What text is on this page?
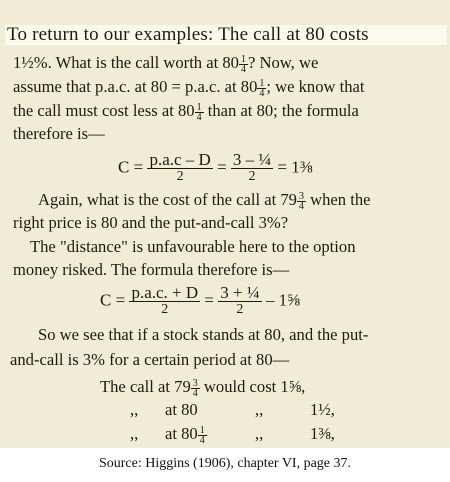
To return to our examples: The call at 80 costs
1½%. What is the call worth at $80 \frac{1}{4}$ ? Now, we
assume that p.a.c. at 80 = p.a.c. at $80 \frac{1}{4}$ ; we know that
the call must cost less at $80 \frac{1}{4}$ than at 80; the formula
therefore is—
$C = \frac{p.a.c - D}{2} = \frac{\text{3 – ¼}}{2}$ = 1⅜
Again, what is the cost of the call at $79 \frac{3}{4}$ when the
right price is 80 and the put-and-call 3%?
The "distance" is unfavourable here to the option
money risked. The formula therefore is—
$C = \frac{p.a.c. + D}{2} = \frac{\text{3 + ¼}}{2}$ – 1⅝
So we see that if a stock stands at 80, and the put-
and-call is 3% for a certain period at 80—
The call at $79 \frac{3}{4}$ would cost 1⅝,
,, at 80	,,	1½,
,, at $80 \frac{1}{4}$	,,	1⅜,
Source: Higgins (1906), chapter VI, page 37.
